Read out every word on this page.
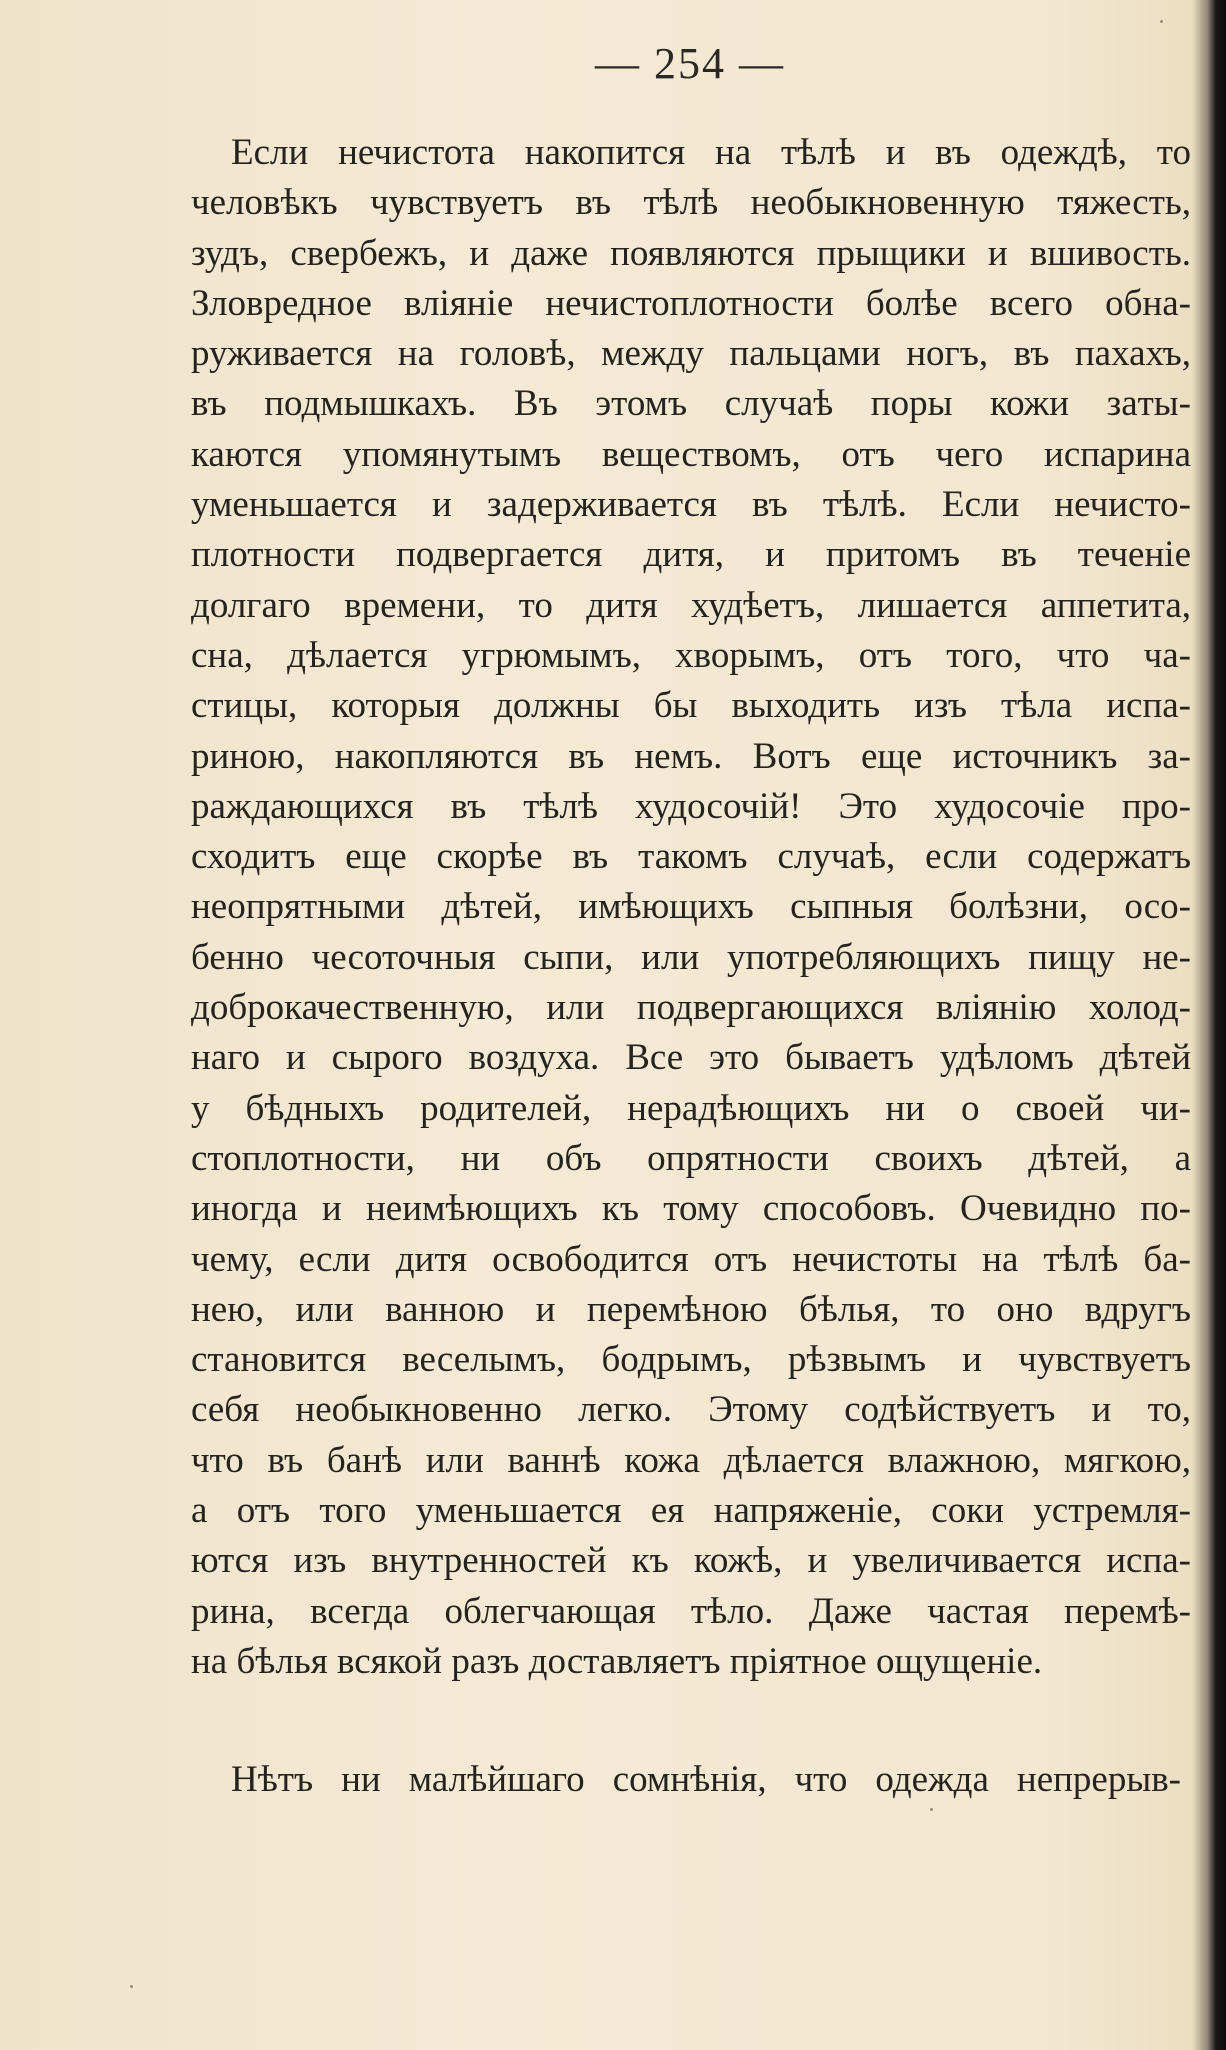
— 254 —
Если нечистота накопится на тѣлѣ и въ одеждѣ, то
человѣкъ чувствуетъ въ тѣлѣ необыкновенную тяжесть,
зудъ, свербежъ, и даже появляются прыщики и вшивость.
Зловредное вліяніе нечистоплотности болѣе всего обна-
руживается на головѣ, между пальцами ногъ, въ пахахъ,
въ подмышкахъ. Въ этомъ случаѣ поры кожи зaты-
каются упомянутымъ веществомъ, отъ чего испарина
уменьшается и задерживается въ тѣлѣ. Если нечисто-
плотности подвергается дитя, и притомъ въ теченіе
долгаго времени, то дитя худѣетъ, лишается аппетита,
сна, дѣлается угрюмымъ, хворымъ, отъ того, что ча-
стицы, которыя должны бы выходить изъ тѣла испа-
риною, накопляются въ немъ. Вотъ еще источникъ за-
раждающихся въ тѣлѣ худосочій! Это худосочіе про-
сходитъ еще скорѣе въ такомъ случаѣ, если содержатъ
неопрятными дѣтей, имѣющихъ сыпныя болѣзни, осо-
бенно чесоточныя сыпи, или употребляющихъ пищу не-
доброкачественную, или подвергающихся вліянію холод-
наго и сырого воздуха. Все это бываетъ удѣломъ дѣтей
у бѣдныхъ родителей, нерадѣющихъ ни о своей чи-
стоплотности, ни объ опрятности своихъ дѣтей, а
иногда и неимѣющихъ къ тому способовъ. Очевидно по-
чему, если дитя освободится отъ нечистоты на тѣлѣ ба-
нею, или ванною и перемѣною бѣлья, то оно вдругъ
становится веселымъ, бодрымъ, рѣзвымъ и чувствуетъ
себя необыкновенно легко. Этому содѣйствуетъ и то,
что въ банѣ или ваннѣ кожа дѣлается влажною, мягкою,
а отъ того уменьшается ея напряженіе, соки устремля-
ются изъ внутренностей къ кожѣ, и увеличивается испа-
рина, всегда облегчающая тѣло. Даже частая перемѣ-
на бѣлья всякой разъ доставляетъ пріятное ощущеніе.
Нѣтъ ни малѣйшаго сомнѣнія, что одежда непрерыв-
